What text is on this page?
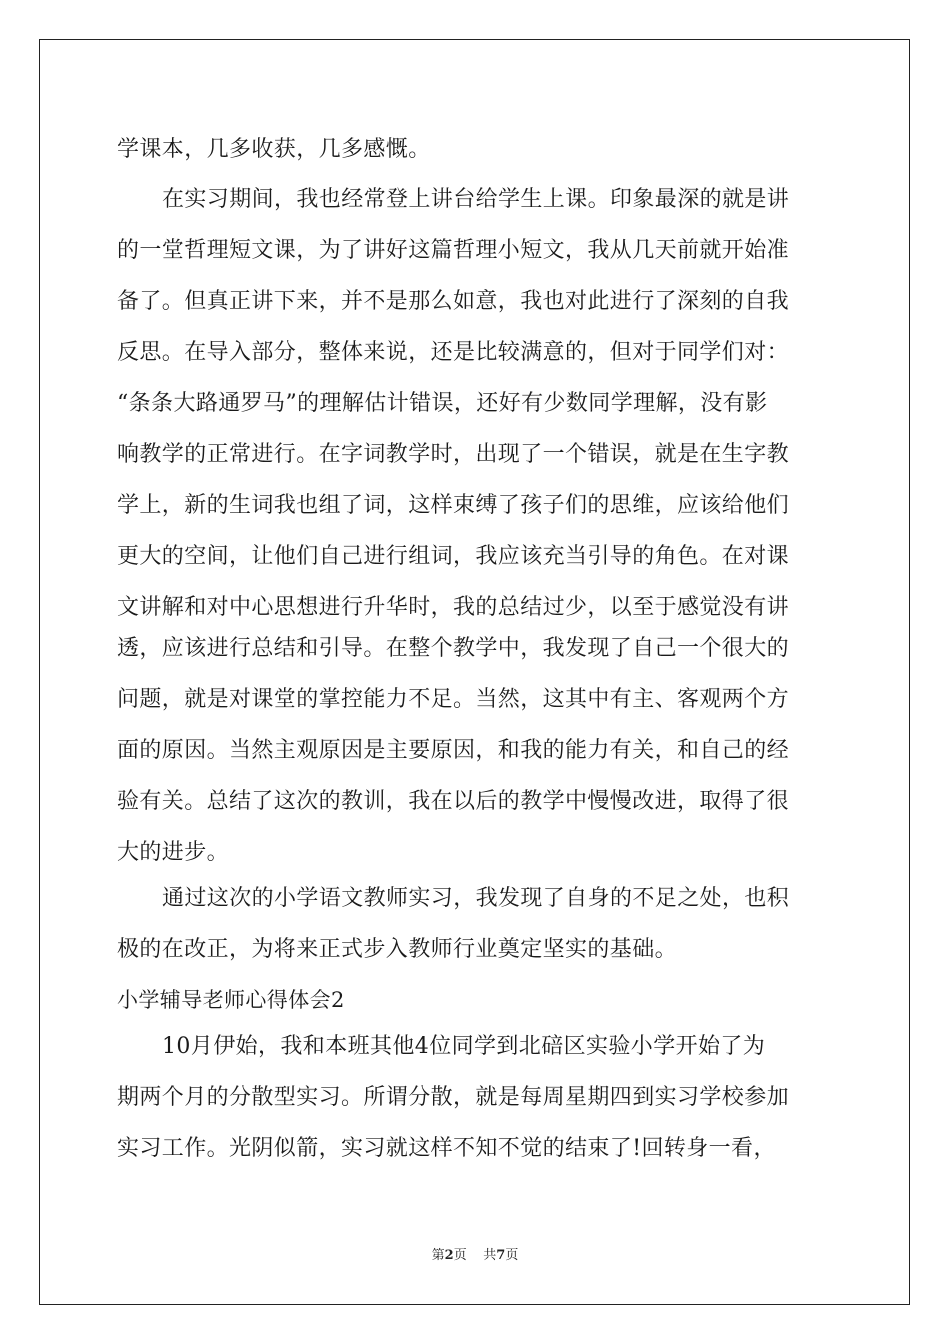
学课本，几多收获，几多感慨。
在实习期间，我也经常登上讲台给学生上课。印象最深的就是讲
的一堂哲理短文课，为了讲好这篇哲理小短文，我从几天前就开始准
备了。但真正讲下来，并不是那么如意，我也对此进行了深刻的自我
反思。在导入部分，整体来说，还是比较满意的，但对于同学们对：
“条条大路通罗马”的理解估计错误，还好有少数同学理解，没有影
响教学的正常进行。在字词教学时，出现了一个错误，就是在生字教
学上，新的生词我也组了词，这样束缚了孩子们的思维，应该给他们
更大的空间，让他们自己进行组词，我应该充当引导的角色。在对课
文讲解和对中心思想进行升华时，我的总结过少，以至于感觉没有讲
透，应该进行总结和引导。在整个教学中，我发现了自己一个很大的
问题，就是对课堂的掌控能力不足。当然，这其中有主、客观两个方
面的原因。当然主观原因是主要原因，和我的能力有关，和自己的经
验有关。总结了这次的教训，我在以后的教学中慢慢改进，取得了很
大的进步。
通过这次的小学语文教师实习，我发现了自身的不足之处，也积
极的在改正，为将来正式步入教师行业奠定坚实的基础。
小学辅导老师心得体会2
10月伊始，我和本班其他4位同学到北碚区实验小学开始了为
期两个月的分散型实习。所谓分散，就是每周星期四到实习学校参加
实习工作。光阴似箭，实习就这样不知不觉的结束了!回转身一看，
第2页 共7页
